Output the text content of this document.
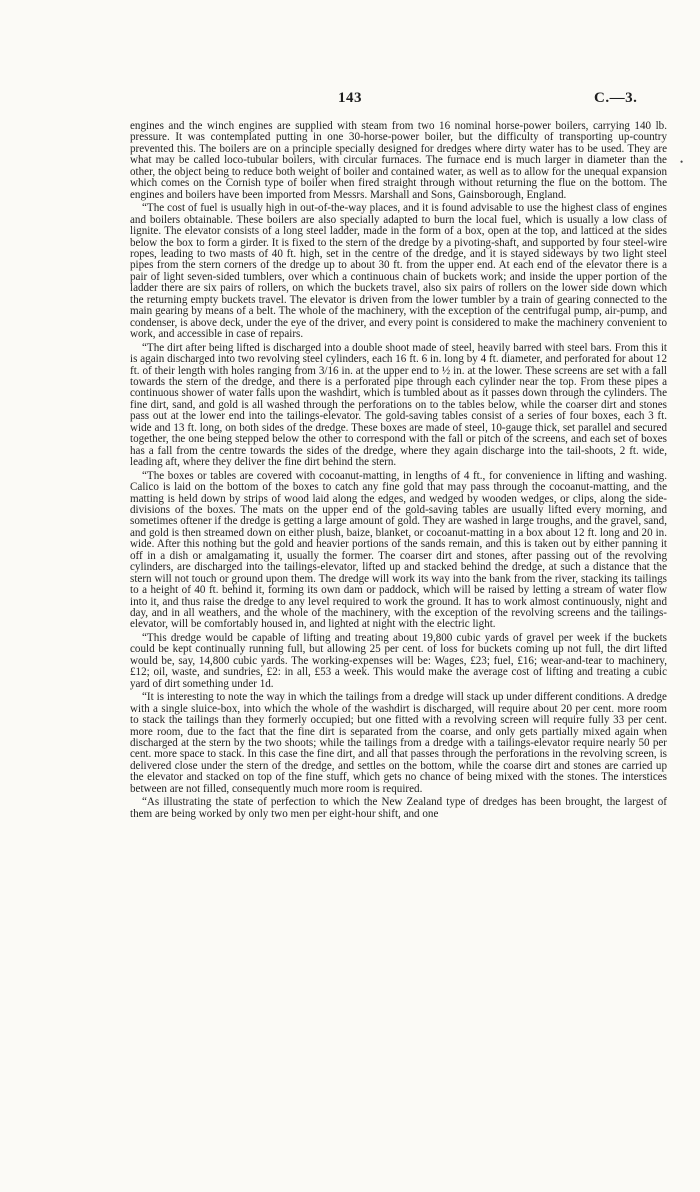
143	C.—3.
•

engines and the winch engines are supplied with steam from two 16 nominal horse-power boilers, carrying 140 lb. pressure. It was contemplated putting in one 30-horse-power boiler, but the difficulty of transporting up-country prevented this. The boilers are on a principle specially designed for dredges where dirty water has to be used. They are what may be called loco-tubular boilers, with circular furnaces. The furnace end is much larger in diameter than the other, the object being to reduce both weight of boiler and contained water, as well as to allow for the unequal expansion which comes on the Cornish type of boiler when fired straight through without returning the flue on the bottom. The engines and boilers have been imported from Messrs. Marshall and Sons, Gainsborough, England.

“The cost of fuel is usually high in out-of-the-way places, and it is found advisable to use the highest class of engines and boilers obtainable. These boilers are also specially adapted to burn the local fuel, which is usually a low class of lignite. The elevator consists of a long steel ladder, made in the form of a box, open at the top, and latticed at the sides below the box to form a girder. It is fixed to the stern of the dredge by a pivoting-shaft, and supported by four steel-wire ropes, leading to two masts of 40 ft. high, set in the centre of the dredge, and it is stayed sideways by two light steel pipes from the stern corners of the dredge up to about 30 ft. from the upper end. At each end of the elevator there is a pair of light seven-sided tumblers, over which a continuous chain of buckets work; and inside the upper portion of the ladder there are six pairs of rollers, on which the buckets travel, also six pairs of rollers on the lower side down which the returning empty buckets travel. The elevator is driven from the lower tumbler by a train of gearing connected to the main gearing by means of a belt. The whole of the machinery, with the exception of the centrifugal pump, air-pump, and condenser, is above deck, under the eye of the driver, and every point is considered to make the machinery convenient to work, and accessible in case of repairs.

“The dirt after being lifted is discharged into a double shoot made of steel, heavily barred with steel bars. From this it is again discharged into two revolving steel cylinders, each 16 ft. 6 in. long by 4 ft. diameter, and perforated for about 12 ft. of their length with holes ranging from 3/16 in. at the upper end to ½ in. at the lower. These screens are set with a fall towards the stern of the dredge, and there is a perforated pipe through each cylinder near the top. From these pipes a continuous shower of water falls upon the washdirt, which is tumbled about as it passes down through the cylinders. The fine dirt, sand, and gold is all washed through the perforations on to the tables below, while the coarser dirt and stones pass out at the lower end into the tailings-elevator. The gold-saving tables consist of a series of four boxes, each 3 ft. wide and 13 ft. long, on both sides of the dredge. These boxes are made of steel, 10-gauge thick, set parallel and secured together, the one being stepped below the other to correspond with the fall or pitch of the screens, and each set of boxes has a fall from the centre towards the sides of the dredge, where they again discharge into the tail-shoots, 2 ft. wide, leading aft, where they deliver the fine dirt behind the stern.

“The boxes or tables are covered with cocoanut-matting, in lengths of 4 ft., for convenience in lifting and washing. Calico is laid on the bottom of the boxes to catch any fine gold that may pass through the cocoanut-matting, and the matting is held down by strips of wood laid along the edges, and wedged by wooden wedges, or clips, along the side-divisions of the boxes. The mats on the upper end of the gold-saving tables are usually lifted every morning, and sometimes oftener if the dredge is getting a large amount of gold. They are washed in large troughs, and the gravel, sand, and gold is then streamed down on either plush, baize, blanket, or cocoanut-matting in a box about 12 ft. long and 20 in. wide. After this nothing but the gold and heavier portions of the sands remain, and this is taken out by either panning it off in a dish or amalgamating it, usually the former. The coarser dirt and stones, after passing out of the revolving cylinders, are discharged into the tailings-elevator, lifted up and stacked behind the dredge, at such a distance that the stern will not touch or ground upon them. The dredge will work its way into the bank from the river, stacking its tailings to a height of 40 ft. behind it, forming its own dam or paddock, which will be raised by letting a stream of water flow into it, and thus raise the dredge to any level required to work the ground. It has to work almost continuously, night and day, and in all weathers, and the whole of the machinery, with the exception of the revolving screens and the tailings-elevator, will be comfortably housed in, and lighted at night with the electric light.

“This dredge would be capable of lifting and treating about 19,800 cubic yards of gravel per week if the buckets could be kept continually running full, but allowing 25 per cent. of loss for buckets coming up not full, the dirt lifted would be, say, 14,800 cubic yards. The working-expenses will be: Wages, £23; fuel, £16; wear-and-tear to machinery, £12; oil, waste, and sundries, £2: in all, £53 a week. This would make the average cost of lifting and treating a cubic yard of dirt something under 1d.

“It is interesting to note the way in which the tailings from a dredge will stack up under different conditions. A dredge with a single sluice-box, into which the whole of the washdirt is discharged, will require about 20 per cent. more room to stack the tailings than they formerly occupied; but one fitted with a revolving screen will require fully 33 per cent. more room, due to the fact that the fine dirt is separated from the coarse, and only gets partially mixed again when discharged at the stern by the two shoots; while the tailings from a dredge with a tailings-elevator require nearly 50 per cent. more space to stack. In this case the fine dirt, and all that passes through the perforations in the revolving screen, is delivered close under the stern of the dredge, and settles on the bottom, while the coarse dirt and stones are carried up the elevator and stacked on top of the fine stuff, which gets no chance of being mixed with the stones. The interstices between are not filled, consequently much more room is required.

“As illustrating the state of perfection to which the New Zealand type of dredges has been brought, the largest of them are being worked by only two men per eight-hour shift, and one
